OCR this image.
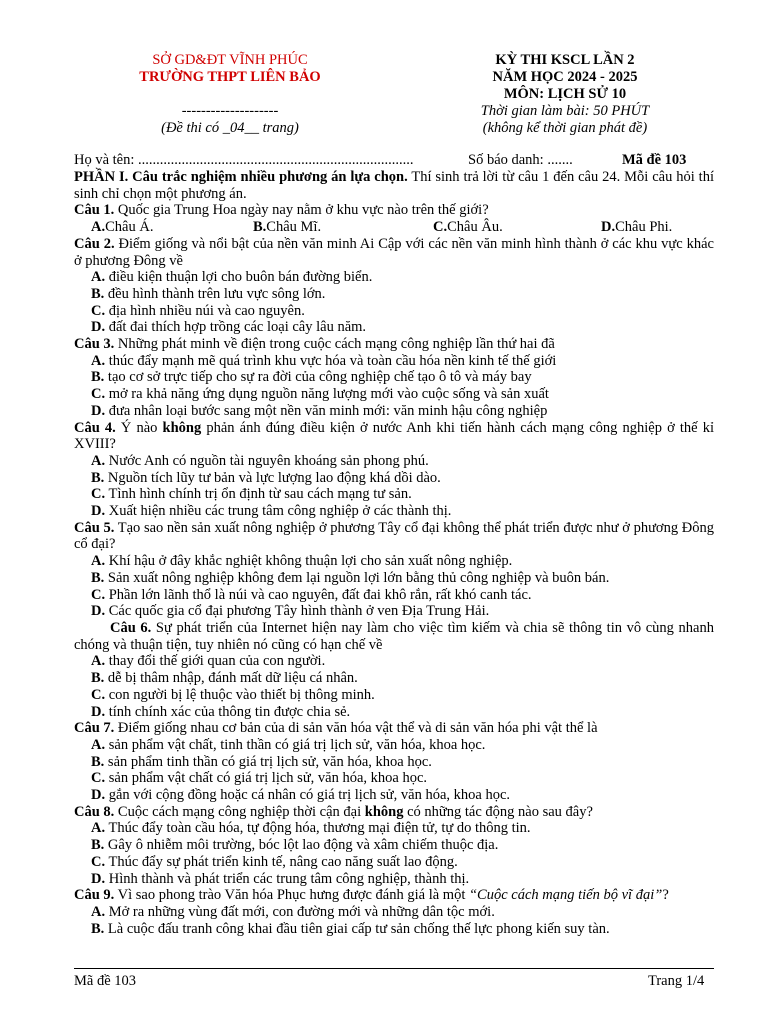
SỞ GD&ĐT VĨNH PHÚC
TRƯỜNG THPT LIÊN BẢO
--------------------
(Đề thi có _04__ trang)
KỲ THI KSCL LẦN 2
NĂM HỌC 2024 - 2025
MÔN: LỊCH SỬ 10
Thời gian làm bài: 50 PHÚT
(không kể thời gian phát đề)
Họ và tên: ............................................................................	Số báo danh: .......	Mã đề 103

PHẦN I. Câu trắc nghiệm nhiều phương án lựa chọn. Thí sinh trả lời từ câu 1 đến câu 24. Mỗi câu hỏi thí sinh chỉ chọn một phương án.

Câu 1. Quốc gia Trung Hoa ngày nay nằm ở khu vực nào trên thế giới?

A.Châu Á.	B.Châu Mĩ.	C.Châu Âu.	D.Châu Phi.

Câu 2. Điểm giống và nổi bật của nền văn minh Ai Cập với các nền văn minh hình thành ở các khu vực khác ở phương Đông về

A. điều kiện thuận lợi cho buôn bán đường biển.

B. đều hình thành trên lưu vực sông lớn.

C. địa hình nhiều núi và cao nguyên.

D. đất đai thích hợp trồng các loại cây lâu năm.

Câu 3. Những phát minh về điện trong cuộc cách mạng công nghiệp lần thứ hai đã

A. thúc đẩy mạnh mẽ quá trình khu vực hóa và toàn cầu hóa nền kinh tế thế giới

B. tạo cơ sở trực tiếp cho sự ra đời của công nghiệp chế tạo ô tô và máy bay

C. mở ra khả năng ứng dụng nguồn năng lượng mới vào cuộc sống và sản xuất

D. đưa nhân loại bước sang một nền văn minh mới: văn minh hậu công nghiệp

Câu 4. Ý nào không phản ánh đúng điều kiện ở nước Anh khi tiến hành cách mạng công nghiệp ở thế kỉ XVIII?

A. Nước Anh có nguồn tài nguyên khoáng sản phong phú.

B. Nguồn tích lũy tư bản và lực lượng lao động khá dồi dào.

C. Tình hình chính trị ổn định từ sau cách mạng tư sản.

D. Xuất hiện nhiều các trung tâm công nghiệp ở các thành thị.

Câu 5. Tạo sao nền sản xuất nông nghiệp ở phương Tây cổ đại không thể phát triển được như ở phương Đông cổ đại?

A. Khí hậu ở đây khắc nghiệt không thuận lợi cho sản xuất nông nghiệp.

B. Sản xuất nông nghiệp không đem lại nguồn lợi lớn bằng thủ công nghiệp và buôn bán.

C. Phần lớn lãnh thổ là núi và cao nguyên, đất đai khô rắn, rất khó canh tác.

D. Các quốc gia cổ đại phương Tây hình thành ở ven Địa Trung Hải.

Câu 6. Sự phát triển của Internet hiện nay làm cho việc tìm kiếm và chia sẽ thông tin vô cùng nhanh chóng và thuận tiện, tuy nhiên nó cũng có hạn chế về

A. thay đổi thế giới quan của con người.

B. dễ bị thâm nhập, đánh mất dữ liệu cá nhân.

C. con người bị lệ thuộc vào thiết bị thông minh.

D. tính chính xác của thông tin được chia sẻ.

Câu 7. Điểm giống nhau cơ bản của di sản văn hóa vật thể và di sản văn hóa phi vật thể là

A. sản phẩm vật chất, tinh thần có giá trị lịch sử, văn hóa, khoa học.

B. sản phẩm tinh thần có giá trị lịch sử, văn hóa, khoa học.

C. sản phẩm vật chất có giá trị lịch sử, văn hóa, khoa học.

D. gắn với cộng đồng hoặc cá nhân có giá trị lịch sử, văn hóa, khoa học.

Câu 8. Cuộc cách mạng công nghiệp thời cận đại không có những tác động nào sau đây?

A. Thúc đẩy toàn cầu hóa, tự động hóa, thương mại điện tử, tự do thông tin.

B. Gây ô nhiễm môi trường, bóc lột lao động và xâm chiếm thuộc địa.

C. Thúc đẩy sự phát triển kinh tế, nâng cao năng suất lao động.

D. Hình thành và phát triển các trung tâm công nghiệp, thành thị.

Câu 9. Vì sao phong trào Văn hóa Phục hưng được đánh giá là một “Cuộc cách mạng tiến bộ vĩ đại”?

A. Mở ra những vùng đất mới, con đường mới và những dân tộc mới.

B. Là cuộc đấu tranh công khai đầu tiên giai cấp tư sản chống thế lực phong kiến suy tàn.

Mã đề 103	Trang 1/4
